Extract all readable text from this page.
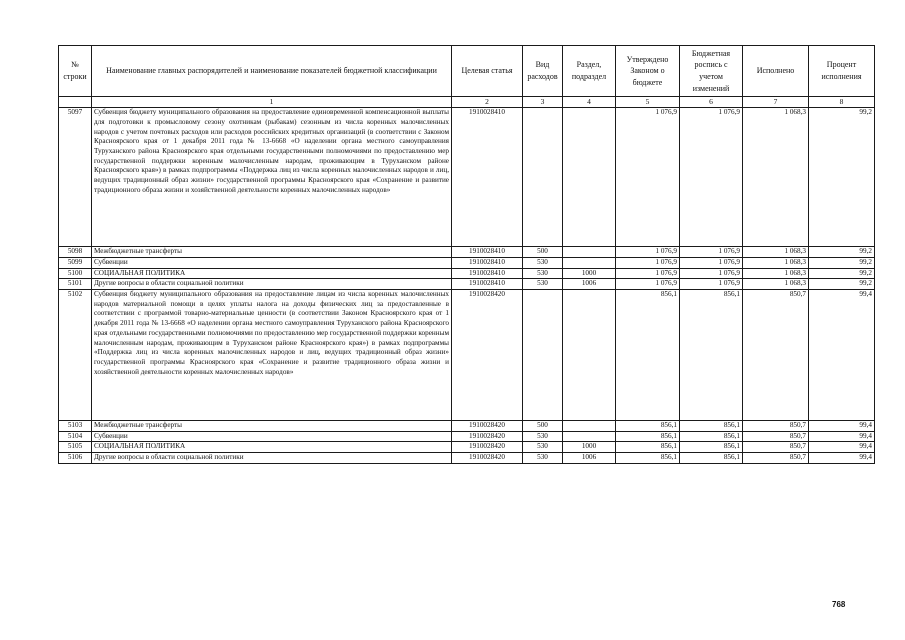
№ строки	Наименование главных распорядителей и наименование показателей бюджетной классификации	Целевая статья	Вид расходов	Раздел, подраздел	Утверждено Законом о бюджете	Бюджетная роспись с учетом изменений	Исполнено	Процент исполнения
	1	2	3	4	5	6	7	8
5097	Субвенция бюджету муниципального образования на предоставление единовременной компенсационной выплаты для подготовки к промысловому сезону охотникам (рыбакам) сезонным из числа коренных малочисленных народов с учетом почтовых расходов или расходов российских кредитных организаций (в соответствии с Законом Красноярского края от 1 декабря 2011 года № 13-6668 «О наделении органа местного самоуправления Туруханского района Красноярского края отдельными государственными полномочиями по предоставлению мер государственной поддержки коренным малочисленным народам, проживающим в Туруханском районе Красноярского края») в рамках подпрограммы «Поддержка лиц из числа коренных малочисленных народов и лиц, ведущих традиционный образ жизни» государственной программы Красноярского края «Сохранение и развитие традиционного образа жизни и хозяйственной деятельности коренных малочисленных народов»	1910028410			1 076,9	1 076,9	1 068,3	99,2
5098	Межбюджетные трансферты	1910028410	500		1 076,9	1 076,9	1 068,3	99,2
5099	Субвенции	1910028410	530		1 076,9	1 076,9	1 068,3	99,2
5100	СОЦИАЛЬНАЯ ПОЛИТИКА	1910028410	530	1000	1 076,9	1 076,9	1 068,3	99,2
5101	Другие вопросы в области социальной политики	1910028410	530	1006	1 076,9	1 076,9	1 068,3	99,2
5102	Субвенция бюджету муниципального образования на предоставление лицам из числа коренных малочисленных народов материальной помощи в целях уплаты налога на доходы физических лиц за предоставленные в соответствии с программой товарно-материальные ценности (в соответствии Законом Красноярского края от 1 декабря 2011 года № 13-6668 «О наделении органа местного самоуправления Туруханского района Красноярского края отдельными государственными полномочиями по предоставлению мер государственной поддержки коренным малочисленным народам, проживающим в Туруханском районе Красноярского края») в рамках подпрограммы «Поддержка лиц из числа коренных малочисленных народов и лиц, ведущих традиционный образ жизни» государственной программы Красноярского края «Сохранение и развитие традиционного образа жизни и хозяйственной деятельности коренных малочисленных народов»	1910028420			856,1	856,1	850,7	99,4
5103	Межбюджетные трансферты	1910028420	500		856,1	856,1	850,7	99,4
5104	Субвенции	1910028420	530		856,1	856,1	850,7	99,4
5105	СОЦИАЛЬНАЯ ПОЛИТИКА	1910028420	530	1000	856,1	856,1	850,7	99,4
5106	Другие вопросы в области социальной политики	1910028420	530	1006	856,1	856,1	850,7	99,4
768
